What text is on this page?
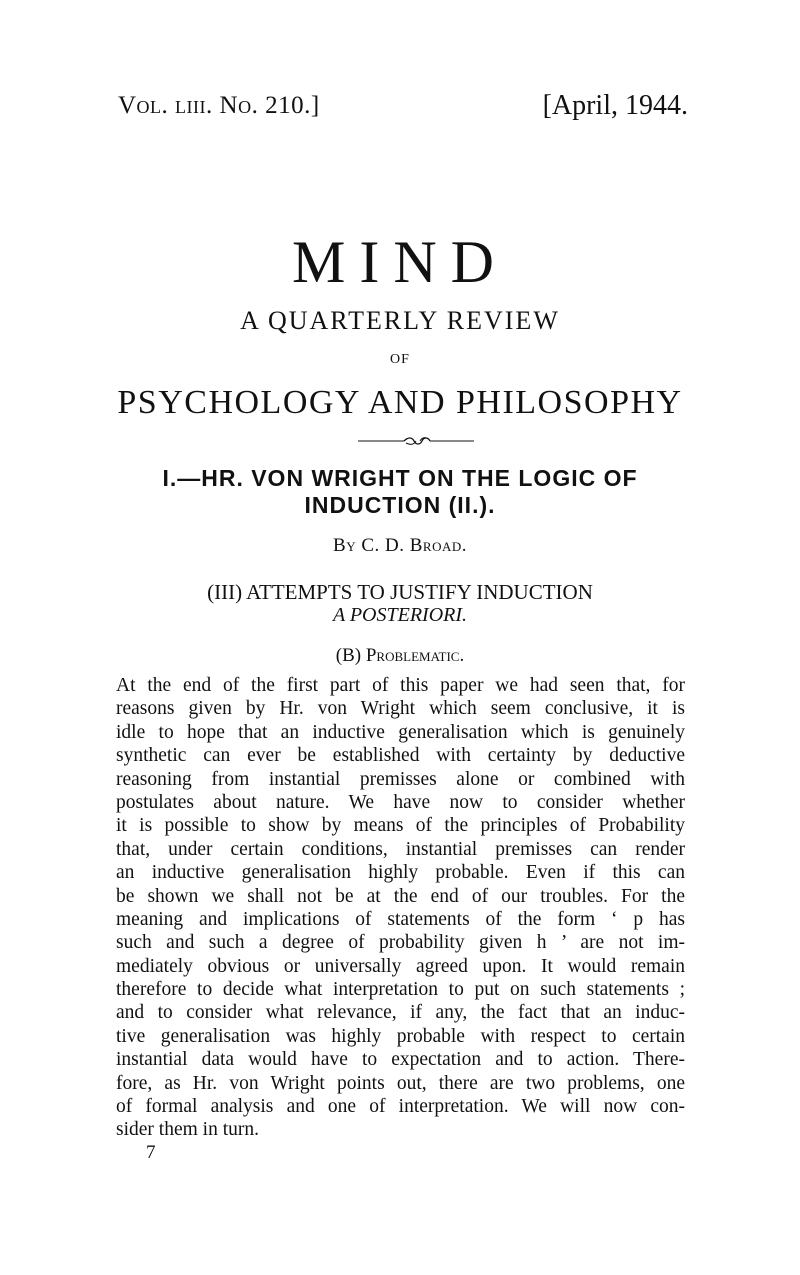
Vol. liii. No. 210.]	[April, 1944.
MIND
A QUARTERLY REVIEW
OF
PSYCHOLOGY AND PHILOSOPHY
I.—HR. VON WRIGHT ON THE LOGIC OF
INDUCTION (II.).
By C. D. Broad.
(III) ATTEMPTS TO JUSTIFY INDUCTION
A POSTERIORI.
(B) Problematic.
At the end of the first part of this paper we had seen that, for
reasons given by Hr. von Wright which seem conclusive, it is
idle to hope that an inductive generalisation which is genuinely
synthetic can ever be established with certainty by deductive
reasoning from instantial premisses alone or combined with
postulates about nature. We have now to consider whether
it is possible to show by means of the principles of Probability
that, under certain conditions, instantial premisses can render
an inductive generalisation highly probable. Even if this can
be shown we shall not be at the end of our troubles. For the
meaning and implications of statements of the form ‘ p has
such and such a degree of probability given h ’ are not im-
mediately obvious or universally agreed upon. It would remain
therefore to decide what interpretation to put on such statements ;
and to consider what relevance, if any, the fact that an induc-
tive generalisation was highly probable with respect to certain
instantial data would have to expectation and to action. There-
fore, as Hr. von Wright points out, there are two problems, one
of formal analysis and one of interpretation. We will now con-
sider them in turn.
7
